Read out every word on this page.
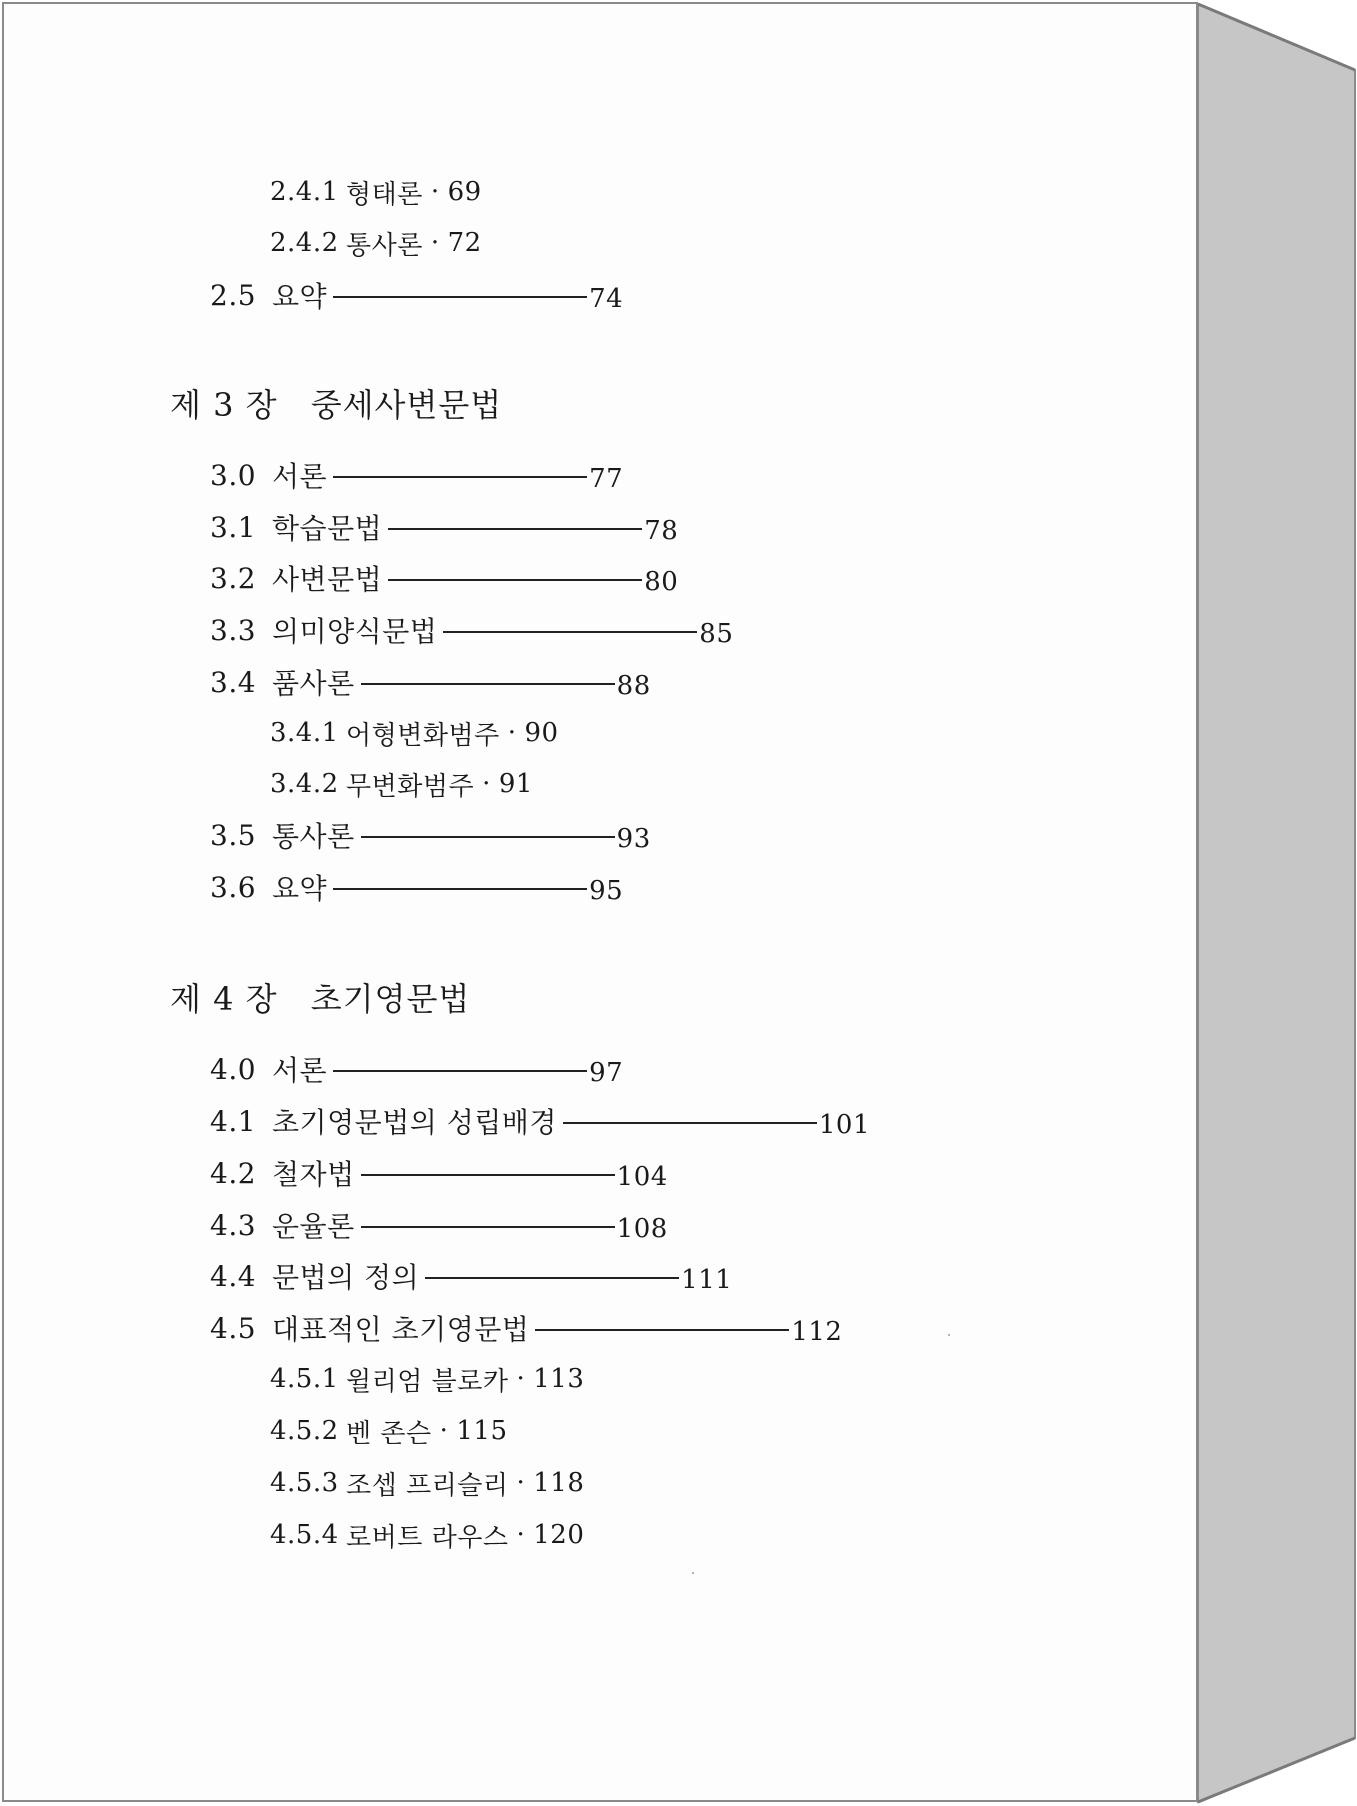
2.4.1 형태론 · 69
2.4.2 통사론 · 72
2.5 요약	74
제 3 장 중세사변문법
3.0 서론	77
3.1 학습문법	78
3.2 사변문법	80
3.3 의미양식문법	85
3.4 품사론	88
3.4.1 어형변화범주 · 90
3.4.2 무변화범주 · 91
3.5 통사론	93
3.6 요약	95
제 4 장 초기영문법
4.0 서론	97
4.1 초기영문법의 성립배경	101
4.2 철자법	104
4.3 운율론	108
4.4 문법의 정의	111
4.5 대표적인 초기영문법	112
4.5.1 윌리엄 블로카 · 113
4.5.2 벤 존슨 · 115
4.5.3 조셉 프리슬리 · 118
4.5.4 로버트 라우스 · 120
